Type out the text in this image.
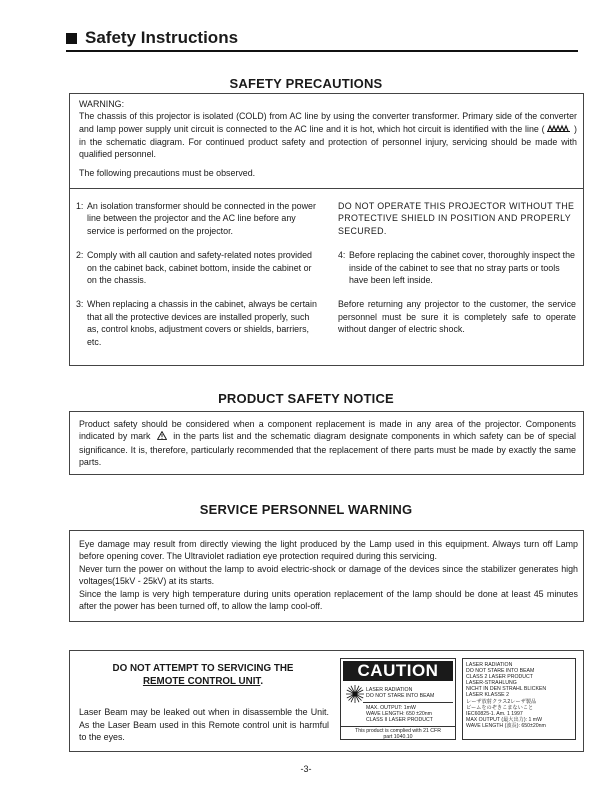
Safety Instructions
SAFETY PRECAUTIONS

WARNING:

The chassis of this projector is isolated (COLD) from AC line by using the converter transformer. Primary side of the converter and lamp power supply unit circuit is connected to the AC line and it is hot, which hot circuit is identified with the line (	) in the schematic diagram. For continued product safety and protection of personnel injury, servicing should be made with qualified personnel.

The following precautions must be observed.

1: An isolation transformer should be connected in the power line between the projector and the AC line before any service is performed on the projector.
2: Comply with all caution and safety-related notes provided on the cabinet back, cabinet bottom, inside the cabinet or on the chassis.
3: When replacing a chassis in the cabinet, always be certain that all the protective devices are installed properly, such as, control knobs, adjustment covers or shields, barriers, etc.

DO NOT OPERATE THIS PROJECTOR WITHOUT THE PROTECTIVE SHIELD IN POSITION AND PROPERLY SECURED.

4: Before replacing the cabinet cover, thoroughly inspect the inside of the cabinet to see that no stray parts or tools have been left inside.

Before returning any projector to the customer, the service personnel must be sure it is completely safe to operate without danger of electric shock.

PRODUCT SAFETY NOTICE
Product safety should be considered when a component replacement is made in any area of the projector. Components indicated by mark	in the parts list and the schematic diagram designate components in which safety can be of special significance. It is, therefore, particularly recommended that the replacement of there parts must be made by exactly the same parts.
SERVICE PERSONNEL WARNING

Eye damage may result from directly viewing the light produced by the Lamp used in this equipment. Always turn off Lamp before opening cover. The Ultraviolet radiation eye protection required during this servicing.

Never turn the power on without the lamp to avoid electric-shock or damage of the devices since the stabilizer generates high voltages(15kV - 25kV) at its starts.

Since the lamp is very high temperature during units operation replacement of the lamp should be done at least 45 minutes after the power has been turned off, to allow the lamp cool-off.

DO NOT ATTEMPT TO SERVICING THE
REMOTE CONTROL UNIT.
Laser Beam may be leaked out when in disassemble the Unit. As the Laser Beam used in this Remote control unit is harmful to the eyes.
CAUTION
LASER RADIATION
DO NOT STARE INTO BEAM
MAX. OUTPUT: 1mW
WAVE LENGTH: 650 ±20nm
CLASS II LASER PRODUCT
This product is complied with 21 CFR
part 1040.10
LASER RADIATION
DO NOT STARE INTO BEAM
CLASS 2 LASER PRODUCT
LASER-STRAHLUNG
NICHT IN DEN STRAHL BLICKEN
LASER KLASSE 2
レーザ放射クラス2レーザ製品
ビームをのぞきこまないこと
IEC60825-1. Am. 1 1997
MAX OUTPUT (最大出力): 1 mW
WAVE LENGTH (波長): 650±20nm
-3-
